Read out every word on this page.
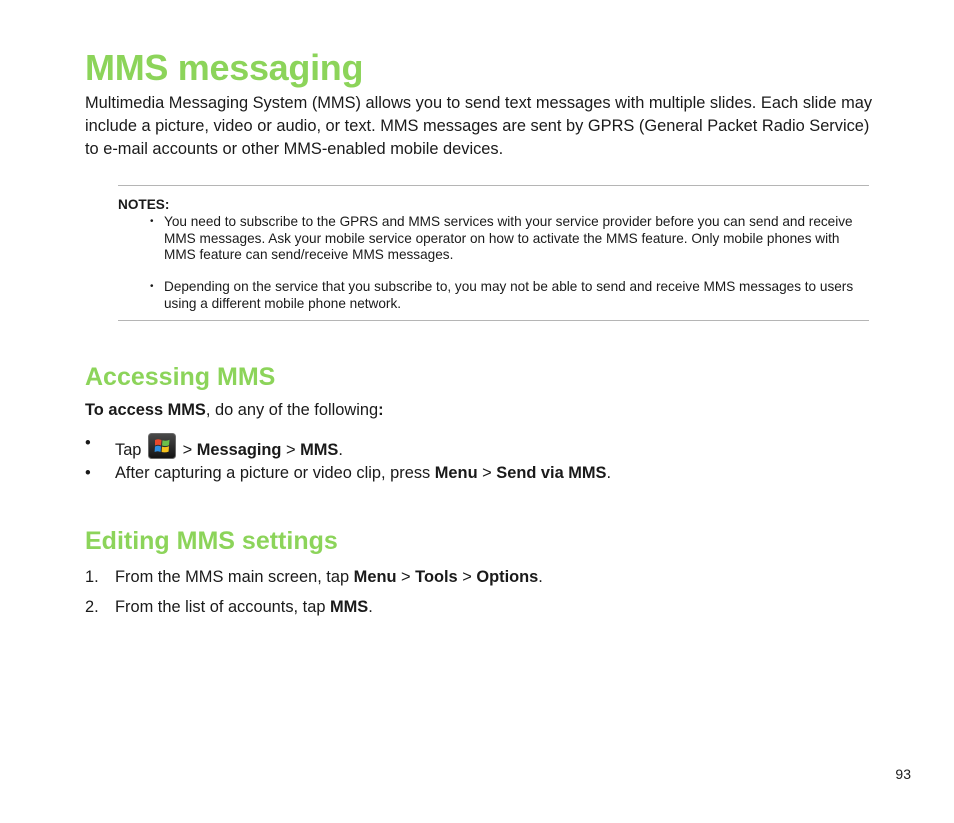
MMS messaging

Multimedia Messaging System (MMS) allows you to send text messages with multiple slides. Each slide may include a picture, video or audio, or text. MMS messages are sent by GPRS (General Packet Radio Service) to e-mail accounts or other MMS-enabled mobile devices.

NOTES:
• You need to subscribe to the GPRS and MMS services with your service provider before you can send and receive MMS messages. Ask your mobile service operator on how to activate the MMS feature. Only mobile phones with MMS feature can send/receive MMS messages.
• Depending on the service that you subscribe to, you may not be able to send and receive MMS messages to users using a different mobile phone network.
Accessing MMS
To access MMS, do any of the following:
• Tap	> Messaging > MMS.
• After capturing a picture or video clip, press Menu > Send via MMS.
Editing MMS settings
1. From the MMS main screen, tap Menu > Tools > Options.
2. From the list of accounts, tap MMS.
93
